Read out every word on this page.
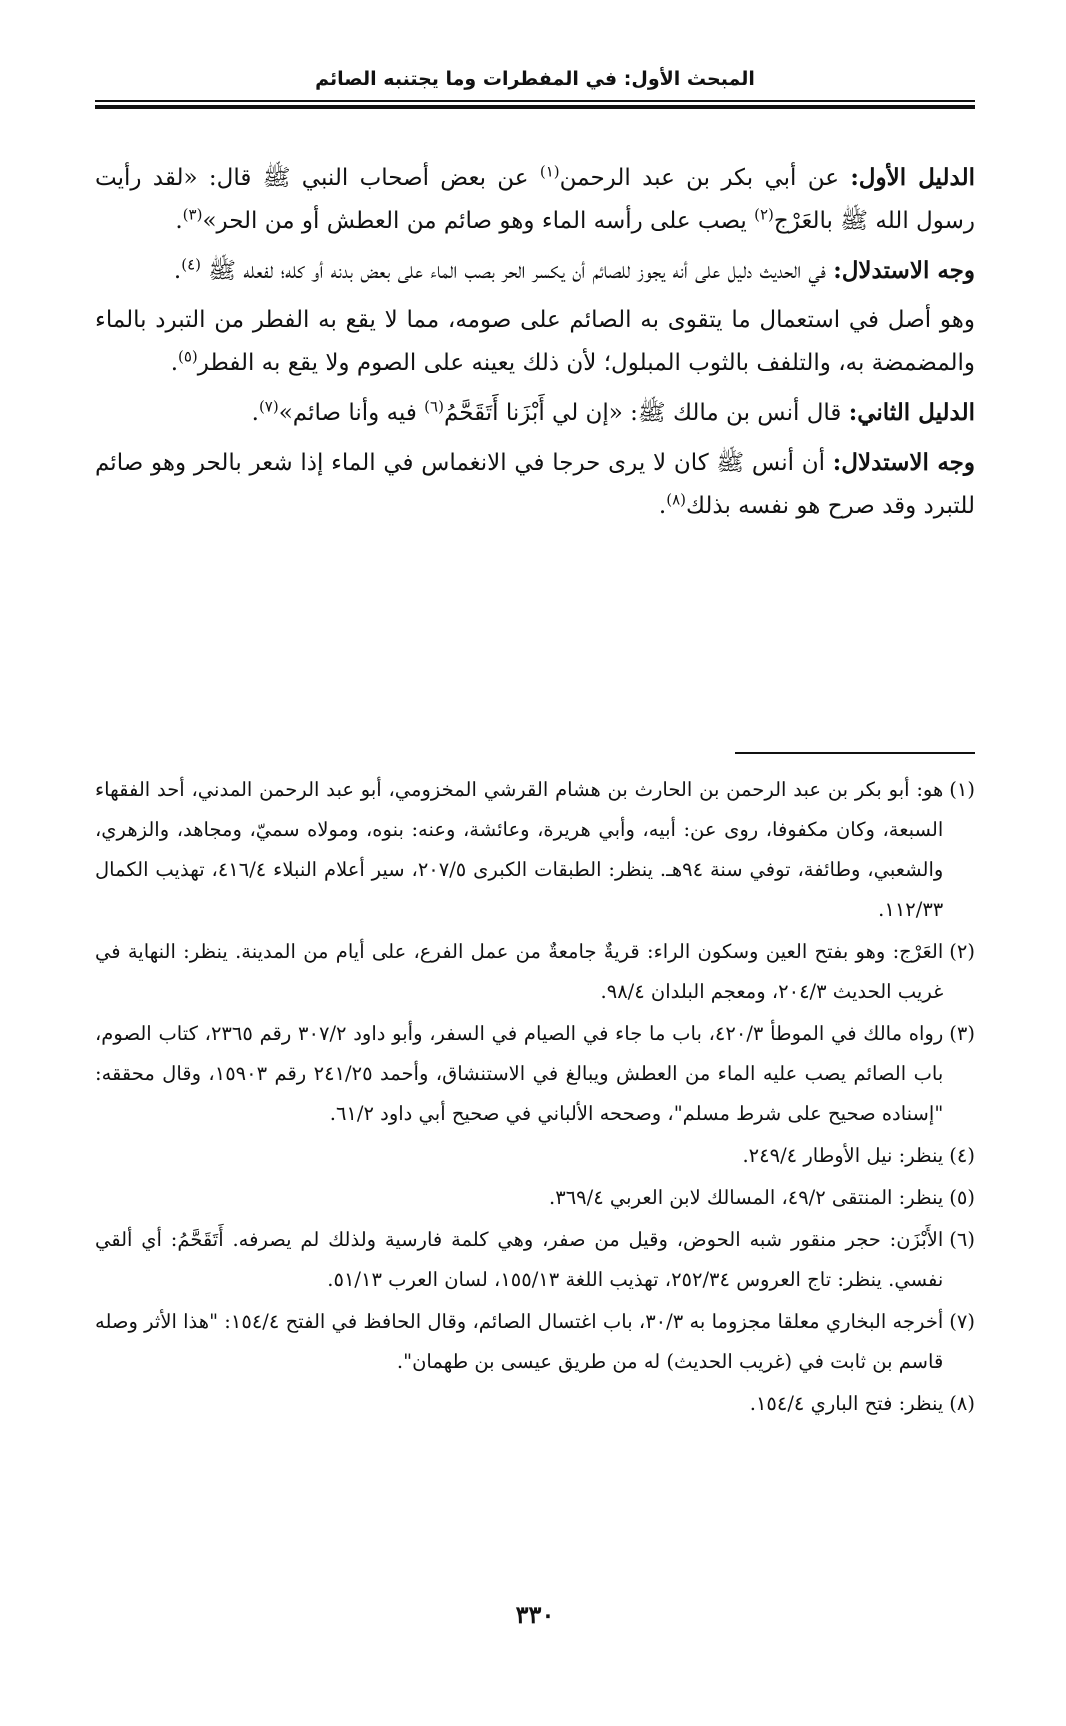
المبحث الأول: في المفطرات وما يجتنبه الصائم

الدليل الأول: عن أبي بكر بن عبد الرحمن$^{(١)}$ عن بعض أصحاب النبي ﷺ قال: «لقد رأيت رسول الله ﷺ بالعَرْج$^{(٢)}$ يصب على رأسه الماء وهو صائم من العطش أو من الحر»$^{(٣)}$.

وجه الاستدلال: في الحديث دليل على أنه يجوز للصائم أن يكسر الحر بصب الماء على بعض بدنه أو كله؛ لفعله ﷺ $^{(٤)}$.

وهو أصل في استعمال ما يتقوى به الصائم على صومه، مما لا يقع به الفطر من التبرد بالماء والمضمضة به، والتلفف بالثوب المبلول؛ لأن ذلك يعينه على الصوم ولا يقع به الفطر$^{(٥)}$.

الدليل الثاني: قال أنس بن مالك ﷺ: «إن لي أَبْزَنا أَتَقَحَّمُ$^{(٦)}$ فيه وأنا صائم»$^{(٧)}$.

وجه الاستدلال: أن أنس ﷺ كان لا يرى حرجا في الانغماس في الماء إذا شعر بالحر وهو صائم للتبرد وقد صرح هو نفسه بذلك$^{(٨)}$.

(١)
هو: أبو بكر بن عبد الرحمن بن الحارث بن هشام القرشي المخزومي، أبو عبد الرحمن المدني، أحد الفقهاء السبعة، وكان مكفوفا، روى عن: أبيه، وأبي هريرة، وعائشة، وعنه: بنوه، ومولاه سميّ، ومجاهد، والزهري، والشعبي، وطائفة، توفي سنة ٩٤هـ. ينظر: الطبقات الكبرى ٢٠٧/٥، سير أعلام النبلاء ٤١٦/٤، تهذيب الكمال ١١٢/٣٣.
(٢)
العَرْج: وهو بفتح العين وسكون الراء: قريةٌ جامعةٌ من عمل الفرع، على أيام من المدينة. ينظر: النهاية في غريب الحديث ٢٠٤/٣، ومعجم البلدان ٩٨/٤.
(٣)
رواه مالك في الموطأ ٤٢٠/٣، باب ما جاء في الصيام في السفر، وأبو داود ٣٠٧/٢ رقم ٢٣٦٥، كتاب الصوم، باب الصائم يصب عليه الماء من العطش ويبالغ في الاستنشاق، وأحمد ٢٤١/٢٥ رقم ١٥٩٠٣، وقال محققه: "إسناده صحيح على شرط مسلم"، وصححه الألباني في صحيح أبي داود ٦١/٢.
(٤)
ينظر: نيل الأوطار ٢٤٩/٤.
(٥)
ينظر: المنتقى ٤٩/٢، المسالك لابن العربي ٣٦٩/٤.
(٦)
الأَبْزَن: حجر منقور شبه الحوض، وقيل من صفر، وهي كلمة فارسية ولذلك لم يصرفه. أَتَقَحَّمُ: أي ألقي نفسي. ينظر: تاج العروس ٢٥٢/٣٤، تهذيب اللغة ١٥٥/١٣، لسان العرب ٥١/١٣.
(٧)
أخرجه البخاري معلقا مجزوما به ٣٠/٣، باب اغتسال الصائم، وقال الحافظ في الفتح ١٥٤/٤: "هذا الأثر وصله قاسم بن ثابت في (غريب الحديث) له من طريق عيسى بن طهمان".
(٨)
ينظر: فتح الباري ١٥٤/٤.
٣٣٠
